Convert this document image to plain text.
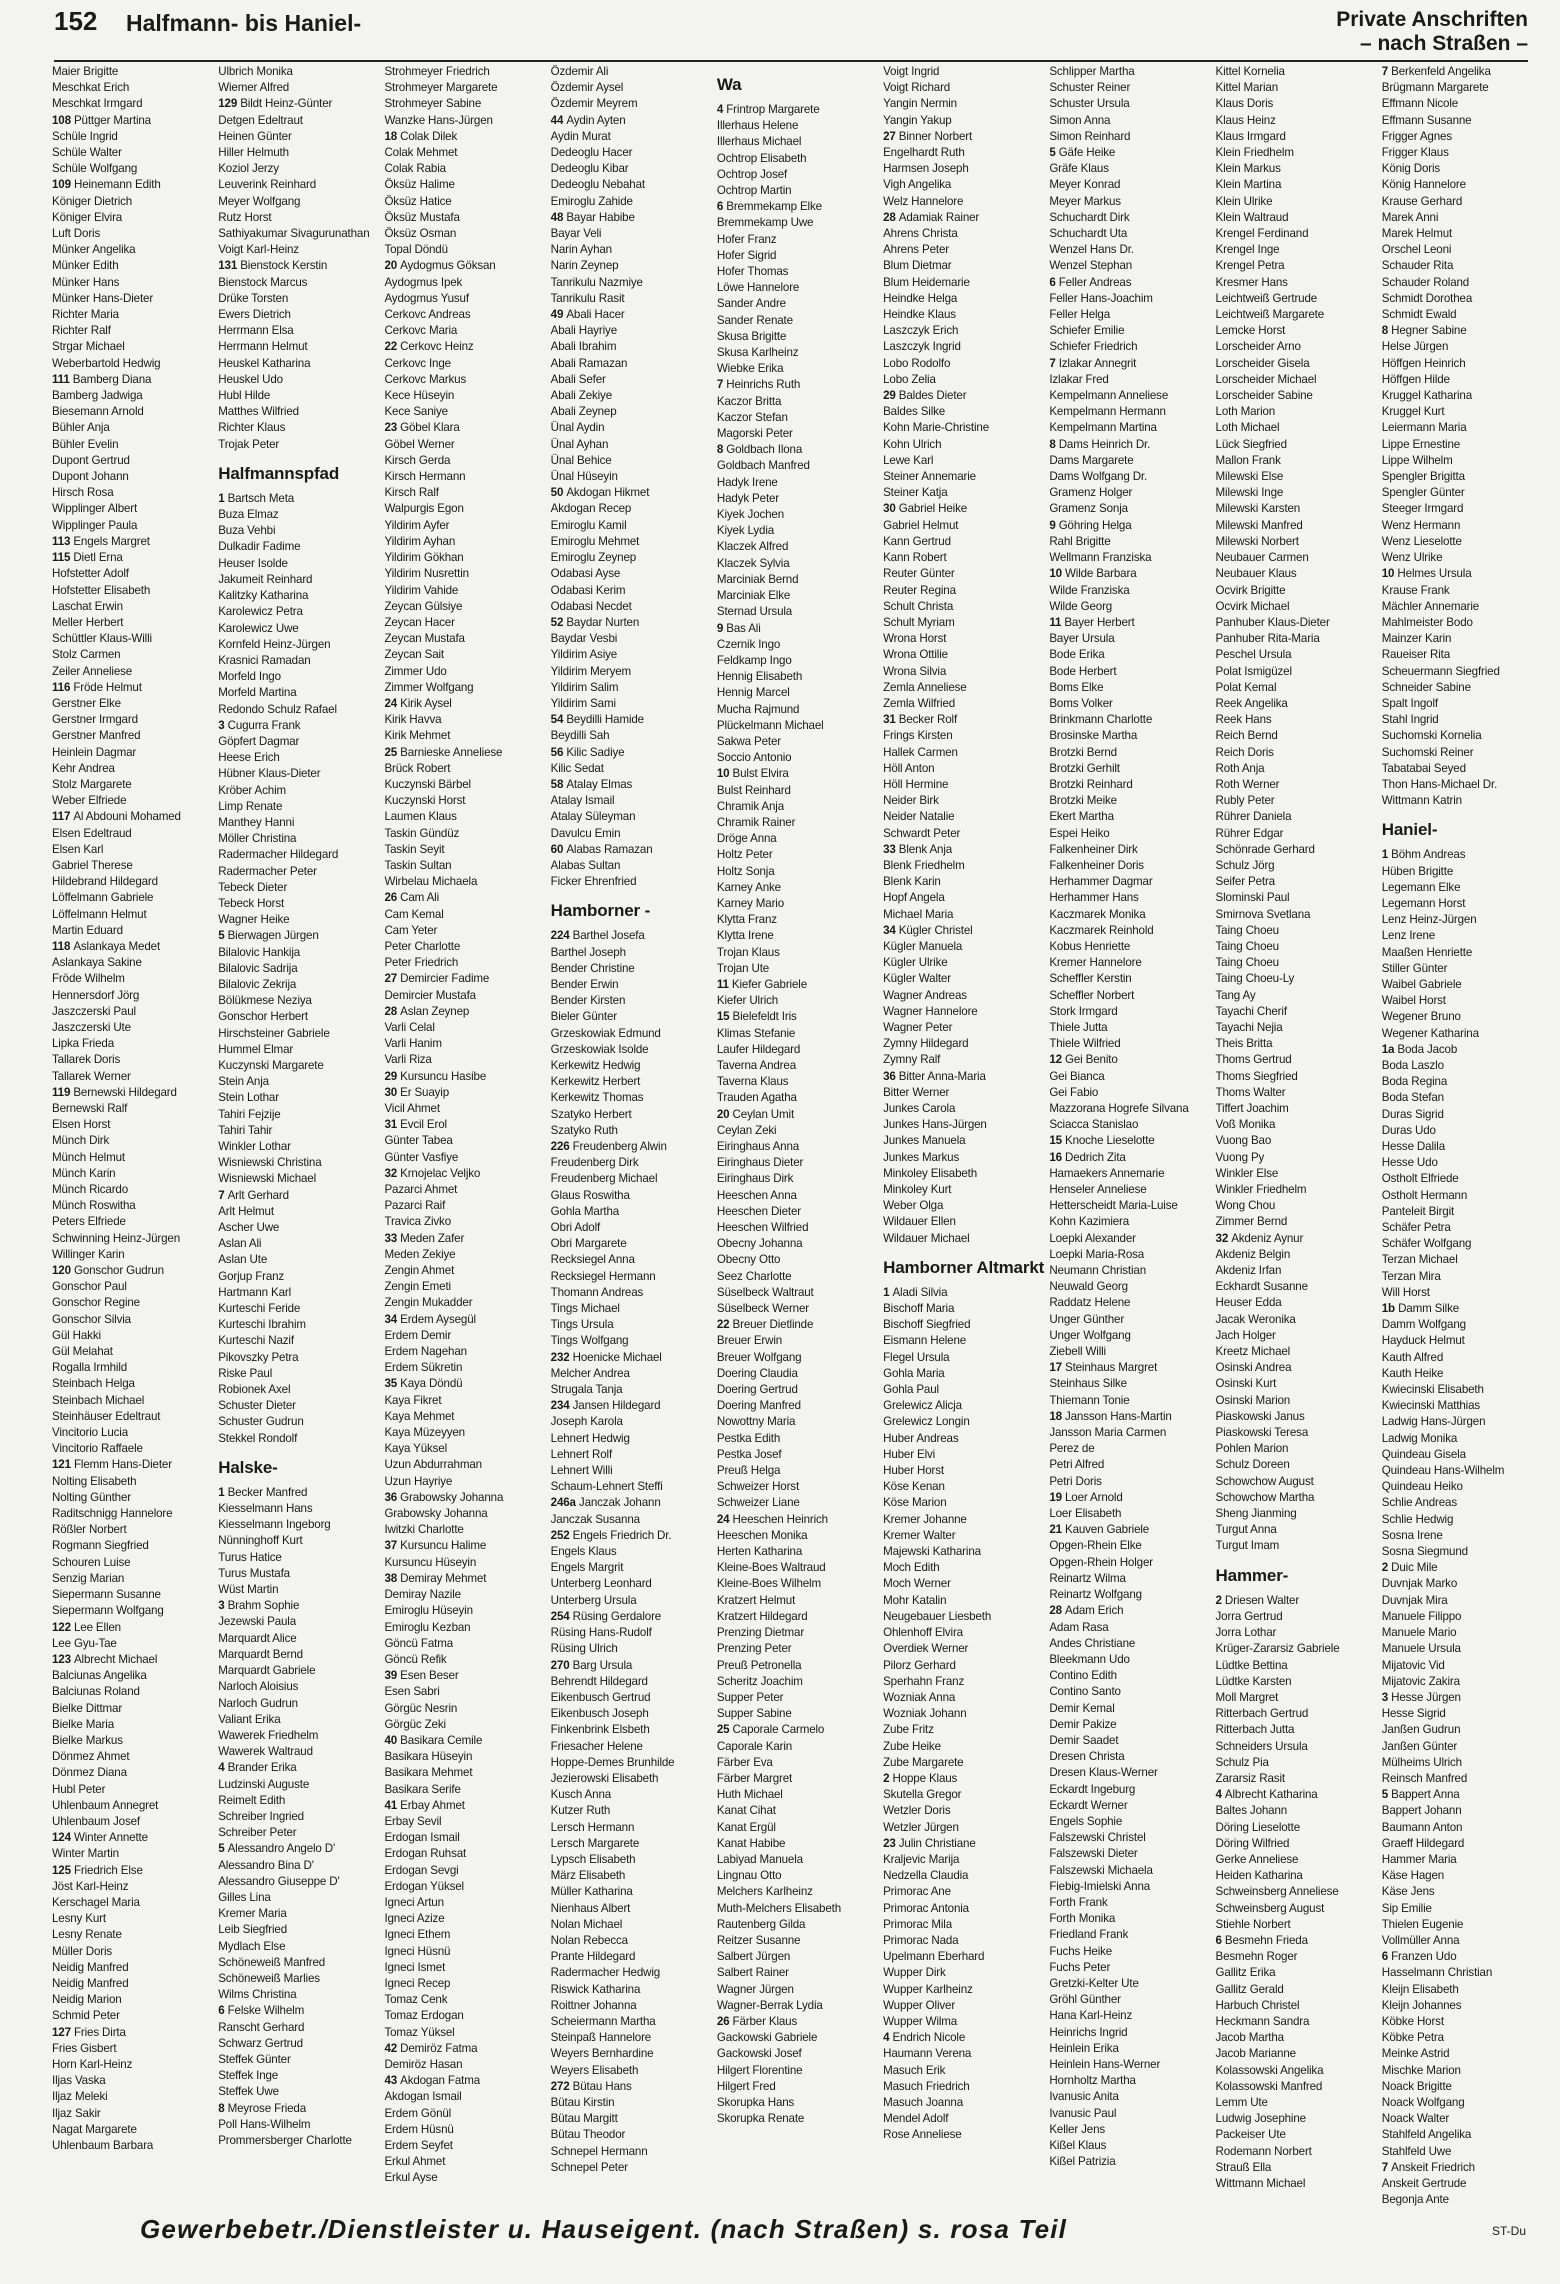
152 Halfmann- bis Haniel-	Private Anschriften
– nach Straßen –
Maier Brigitte
Meschkat Erich
Meschkat Irmgard
108 Püttger Martina
Schüle Ingrid
Schüle Walter
Schüle Wolfgang
109 Heinemann Edith
Königer Dietrich
Königer Elvira
Luft Doris
Münker Angelika
Münker Edith
Münker Hans
Münker Hans-Dieter
Richter Maria
Richter Ralf
Strgar Michael
Weberbartold Hedwig
111 Bamberg Diana
Bamberg Jadwiga
Biesemann Arnold
Bühler Anja
Bühler Evelin
Dupont Gertrud
Dupont Johann
Hirsch Rosa
Wipplinger Albert
Wipplinger Paula
113 Engels Margret
115 Dietl Erna
Hofstetter Adolf
Hofstetter Elisabeth
Laschat Erwin
Meller Herbert
Schüttler Klaus-Willi
Stolz Carmen
Zeiler Anneliese
116 Fröde Helmut
Gerstner Elke
Gerstner Irmgard
Gerstner Manfred
Heinlein Dagmar
Kehr Andrea
Stolz Margarete
Weber Elfriede
117 Al Abdouni Mohamed
Elsen Edeltraud
Elsen Karl
Gabriel Therese
Hildebrand Hildegard
Löffelmann Gabriele
Löffelmann Helmut
Martin Eduard
118 Aslankaya Medet
Aslankaya Sakine
Fröde Wilhelm
Hennersdorf Jörg
Jaszczerski Paul
Jaszczerski Ute
Lipka Frieda
Tallarek Doris
Tallarek Werner
119 Bernewski Hildegard
Bernewski Ralf
Elsen Horst
Münch Dirk
Münch Helmut
Münch Karin
Münch Ricardo
Münch Roswitha
Peters Elfriede
Schwinning Heinz-Jürgen
Willinger Karin
120 Gonschor Gudrun
Gonschor Paul
Gonschor Regine
Gonschor Silvia
Gül Hakki
Gül Melahat
Rogalla Irmhild
Steinbach Helga
Steinbach Michael
Steinhäuser Edeltraut
Vincitorio Lucia
Vincitorio Raffaele
121 Flemm Hans-Dieter
Nolting Elisabeth
Nolting Günther
Raditschnigg Hannelore
Rößler Norbert
Rogmann Siegfried
Schouren Luise
Senzig Marian
Siepermann Susanne
Siepermann Wolfgang
122 Lee Ellen
Lee Gyu-Tae
123 Albrecht Michael
Balciunas Angelika
Balciunas Roland
Bielke Dittmar
Bielke Maria
Bielke Markus
Dönmez Ahmet
Dönmez Diana
Hubl Peter
Uhlenbaum Annegret
Uhlenbaum Josef
124 Winter Annette
Winter Martin
125 Friedrich Else
Jöst Karl-Heinz
Kerschagel Maria
Lesny Kurt
Lesny Renate
Müller Doris
Neidig Manfred
Neidig Manfred
Neidig Marion
Schmid Peter
127 Fries Dirta
Fries Gisbert
Horn Karl-Heinz
Iljas Vaska
Iljaz Meleki
Iljaz Sakir
Nagat Margarete
Uhlenbaum Barbara
Ulbrich Monika
Wiemer Alfred
129 Bildt Heinz-Günter
Detgen Edeltraut
Heinen Günter
Hiller Helmuth
Koziol Jerzy
Leuverink Reinhard
Meyer Wolfgang
Rutz Horst
Sathiyakumar Sivagurunathan
Voigt Karl-Heinz
131 Bienstock Kerstin
Bienstock Marcus
Drüke Torsten
Ewers Dietrich
Herrmann Elsa
Herrmann Helmut
Heuskel Katharina
Heuskel Udo
Hubl Hilde
Matthes Wilfried
Richter Klaus
Trojak Peter
Halfmannspfad
1 Bartsch Meta
Buza Elmaz
Buza Vehbi
Dulkadir Fadime
Heuser Isolde
Jakumeit Reinhard
Kalitzky Katharina
Karolewicz Petra
Karolewicz Uwe
Kornfeld Heinz-Jürgen
Krasnici Ramadan
Morfeld Ingo
Morfeld Martina
Redondo Schulz Rafael
3 Cugurra Frank
Göpfert Dagmar
Heese Erich
Hübner Klaus-Dieter
Kröber Achim
Limp Renate
Manthey Hanni
Möller Christina
Radermacher Hildegard
Radermacher Peter
Tebeck Dieter
Tebeck Horst
Wagner Heike
5 Bierwagen Jürgen
Bilalovic Hankija
Bilalovic Sadrija
Bilalovic Zekrija
Bölükmese Neziya
Gonschor Herbert
Hirschsteiner Gabriele
Hummel Elmar
Kuczynski Margarete
Stein Anja
Stein Lothar
Tahiri Fejzije
Tahiri Tahir
Winkler Lothar
Wisniewski Christina
Wisniewski Michael
7 Arlt Gerhard
Arlt Helmut
Ascher Uwe
Aslan Ali
Aslan Ute
Gorjup Franz
Hartmann Karl
Kurteschi Feride
Kurteschi Ibrahim
Kurteschi Nazif
Pikovszky Petra
Riske Paul
Robionek Axel
Schuster Dieter
Schuster Gudrun
Stekkel Rondolf
Halske-
1 Becker Manfred
Kiesselmann Hans
Kiesselmann Ingeborg
Nünninghoff Kurt
Turus Hatice
Turus Mustafa
Wüst Martin
3 Brahm Sophie
Jezewski Paula
Marquardt Alice
Marquardt Bernd
Marquardt Gabriele
Narloch Aloisius
Narloch Gudrun
Valiant Erika
Wawerek Friedhelm
Wawerek Waltraud
4 Brander Erika
Ludzinski Auguste
Reimelt Edith
Schreiber Ingried
Schreiber Peter
5 Alessandro Angelo D'
Alessandro Bina D'
Alessandro Giuseppe D'
Gilles Lina
Kremer Maria
Leib Siegfried
Mydlach Else
Schöneweiß Manfred
Schöneweiß Marlies
Wilms Christina
6 Felske Wilhelm
Ranscht Gerhard
Schwarz Gertrud
Steffek Günter
Steffek Inge
Steffek Uwe
8 Meyrose Frieda
Poll Hans-Wilhelm
Prommersberger Charlotte
Strohmeyer Friedrich
Strohmeyer Margarete
Strohmeyer Sabine
Wanzke Hans-Jürgen
18 Colak Dilek
Colak Mehmet
Colak Rabia
Öksüz Halime
Öksüz Hatice
Öksüz Mustafa
Öksüz Osman
Topal Döndü
20 Aydogmus Göksan
Aydogmus Ipek
Aydogmus Yusuf
Cerkovc Andreas
Cerkovc Maria
22 Cerkovc Heinz
Cerkovc Inge
Cerkovc Markus
Kece Hüseyin
Kece Saniye
23 Göbel Klara
Göbel Werner
Kirsch Gerda
Kirsch Hermann
Kirsch Ralf
Walpurgis Egon
Yildirim Ayfer
Yildirim Ayhan
Yildirim Gökhan
Yildirim Nusrettin
Yildirim Vahide
Zeycan Gülsiye
Zeycan Hacer
Zeycan Mustafa
Zeycan Sait
Zimmer Udo
Zimmer Wolfgang
24 Kirik Aysel
Kirik Havva
Kirik Mehmet
25 Barnieske Anneliese
Brück Robert
Kuczynski Bärbel
Kuczynski Horst
Laumen Klaus
Taskin Gündüz
Taskin Seyit
Taskin Sultan
Wirbelau Michaela
26 Cam Ali
Cam Kemal
Cam Yeter
Peter Charlotte
Peter Friedrich
27 Demircier Fadime
Demircier Mustafa
28 Aslan Zeynep
Varli Celal
Varli Hanim
Varli Riza
29 Kursuncu Hasibe
30 Er Suayip
Vicil Ahmet
31 Evcil Erol
Günter Tabea
Günter Vasfiye
32 Krnojelac Veljko
Pazarci Ahmet
Pazarci Raif
Travica Zivko
33 Meden Zafer
Meden Zekiye
Zengin Ahmet
Zengin Emeti
Zengin Mukadder
34 Erdem Aysegül
Erdem Demir
Erdem Nagehan
Erdem Sükretin
35 Kaya Döndü
Kaya Fikret
Kaya Mehmet
Kaya Müzeyyen
Kaya Yüksel
Uzun Abdurrahman
Uzun Hayriye
36 Grabowsky Johanna
Grabowsky Johanna
Iwitzki Charlotte
37 Kursuncu Halime
Kursuncu Hüseyin
38 Demiray Mehmet
Demiray Nazile
Emiroglu Hüseyin
Emiroglu Kezban
Göncü Fatma
Göncü Refik
39 Esen Beser
Esen Sabri
Görgüc Nesrin
Görgüc Zeki
40 Basikara Cemile
Basikara Hüseyin
Basikara Mehmet
Basikara Serife
41 Erbay Ahmet
Erbay Sevil
Erdogan Ismail
Erdogan Ruhsat
Erdogan Sevgi
Erdogan Yüksel
Igneci Artun
Igneci Azize
Igneci Ethem
Igneci Hüsnü
Igneci Ismet
Igneci Recep
Tomaz Cenk
Tomaz Erdogan
Tomaz Yüksel
42 Demiröz Fatma
Demiröz Hasan
43 Akdogan Fatma
Akdogan Ismail
Erdem Gönül
Erdem Hüsnü
Erdem Seyfet
Erkul Ahmet
Erkul Ayse
Özdemir Ali
Özdemir Aysel
Özdemir Meyrem
44 Aydin Ayten
Aydin Murat
Dedeoglu Hacer
Dedeoglu Kibar
Dedeoglu Nebahat
Emiroglu Zahide
48 Bayar Habibe
Bayar Veli
Narin Ayhan
Narin Zeynep
Tanrikulu Nazmiye
Tanrikulu Rasit
49 Abali Hacer
Abali Hayriye
Abali Ibrahim
Abali Ramazan
Abali Sefer
Abali Zekiye
Abali Zeynep
Ünal Aydin
Ünal Ayhan
Ünal Behice
Ünal Hüseyin
50 Akdogan Hikmet
Akdogan Recep
Emiroglu Kamil
Emiroglu Mehmet
Emiroglu Zeynep
Odabasi Ayse
Odabasi Kerim
Odabasi Necdet
52 Baydar Nurten
Baydar Vesbi
Yildirim Asiye
Yildirim Meryem
Yildirim Salim
Yildirim Sami
54 Beydilli Hamide
Beydilli Sah
56 Kilic Sadiye
Kilic Sedat
58 Atalay Elmas
Atalay Ismail
Atalay Süleyman
Davulcu Emin
60 Alabas Ramazan
Alabas Sultan
Ficker Ehrenfried
Hamborner -
224 Barthel Josefa
Barthel Joseph
Bender Christine
Bender Erwin
Bender Kirsten
Bieler Günter
Grzeskowiak Edmund
Grzeskowiak Isolde
Kerkewitz Hedwig
Kerkewitz Herbert
Kerkewitz Thomas
Szatyko Herbert
Szatyko Ruth
226 Freudenberg Alwin
Freudenberg Dirk
Freudenberg Michael
Glaus Roswitha
Gohla Martha
Obri Adolf
Obri Margarete
Recksiegel Anna
Recksiegel Hermann
Thomann Andreas
Tings Michael
Tings Ursula
Tings Wolfgang
232 Hoenicke Michael
Melcher Andrea
Strugala Tanja
234 Jansen Hildegard
Joseph Karola
Lehnert Hedwig
Lehnert Rolf
Lehnert Willi
Schaum-Lehnert Steffi
246a Janczak Johann
Janczak Susanna
252 Engels Friedrich Dr.
Engels Klaus
Engels Margrit
Unterberg Leonhard
Unterberg Ursula
254 Rüsing Gerdalore
Rüsing Hans-Rudolf
Rüsing Ulrich
270 Barg Ursula
Behrendt Hildegard
Eikenbusch Gertrud
Eikenbusch Joseph
Finkenbrink Elsbeth
Friesacher Helene
Hoppe-Demes Brunhilde
Jezierowski Elisabeth
Kusch Anna
Kutzer Ruth
Lersch Hermann
Lersch Margarete
Lypsch Elisabeth
März Elisabeth
Müller Katharina
Nienhaus Albert
Nolan Michael
Nolan Rebecca
Prante Hildegard
Radermacher Hedwig
Riswick Katharina
Roittner Johanna
Scheiermann Martha
Steinpaß Hannelore
Weyers Bernhardine
Weyers Elisabeth
272 Bütau Hans
Bütau Kirstin
Bütau Margitt
Bütau Theodor
Schnepel Hermann
Schnepel Peter
Wa
4 Frintrop Margarete
Illerhaus Helene
Illerhaus Michael
Ochtrop Elisabeth
Ochtrop Josef
Ochtrop Martin
6 Bremmekamp Elke
Bremmekamp Uwe
Hofer Franz
Hofer Sigrid
Hofer Thomas
Löwe Hannelore
Sander Andre
Sander Renate
Skusa Brigitte
Skusa Karlheinz
Wiebke Erika
7 Heinrichs Ruth
Kaczor Britta
Kaczor Stefan
Magorski Peter
8 Goldbach Ilona
Goldbach Manfred
Hadyk Irene
Hadyk Peter
Kiyek Jochen
Kiyek Lydia
Klaczek Alfred
Klaczek Sylvia
Marciniak Bernd
Marciniak Elke
Sternad Ursula
9 Bas Ali
Czernik Ingo
Feldkamp Ingo
Hennig Elisabeth
Hennig Marcel
Mucha Rajmund
Plückelmann Michael
Sakwa Peter
Soccio Antonio
10 Bulst Elvira
Bulst Reinhard
Chramik Anja
Chramik Rainer
Dröge Anna
Holtz Peter
Holtz Sonja
Karney Anke
Karney Mario
Klytta Franz
Klytta Irene
Trojan Klaus
Trojan Ute
11 Kiefer Gabriele
Kiefer Ulrich
15 Bielefeldt Iris
Klimas Stefanie
Laufer Hildegard
Taverna Andrea
Taverna Klaus
Trauden Agatha
20 Ceylan Umit
Ceylan Zeki
Eiringhaus Anna
Eiringhaus Dieter
Eiringhaus Dirk
Heeschen Anna
Heeschen Dieter
Heeschen Wilfried
Obecny Johanna
Obecny Otto
Seez Charlotte
Süselbeck Waltraut
Süselbeck Werner
22 Breuer Dietlinde
Breuer Erwin
Breuer Wolfgang
Doering Claudia
Doering Gertrud
Doering Manfred
Nowottny Maria
Pestka Edith
Pestka Josef
Preuß Helga
Schweizer Horst
Schweizer Liane
24 Heeschen Heinrich
Heeschen Monika
Herten Katharina
Kleine-Boes Waltraud
Kleine-Boes Wilhelm
Kratzert Helmut
Kratzert Hildegard
Prenzing Dietmar
Prenzing Peter
Preuß Petronella
Scheritz Joachim
Supper Peter
Supper Sabine
25 Caporale Carmelo
Caporale Karin
Färber Eva
Färber Margret
Huth Michael
Kanat Cihat
Kanat Ergül
Kanat Habibe
Labiyad Manuela
Lingnau Otto
Melchers Karlheinz
Muth-Melchers Elisabeth
Rautenberg Gilda
Reitzer Susanne
Salbert Jürgen
Salbert Rainer
Wagner Jürgen
Wagner-Berrak Lydia
26 Färber Klaus
Gackowski Gabriele
Gackowski Josef
Hilgert Florentine
Hilgert Fred
Skorupka Hans
Skorupka Renate
Voigt Ingrid
Voigt Richard
Yangin Nermin
Yangin Yakup
27 Binner Norbert
Engelhardt Ruth
Harmsen Joseph
Vigh Angelika
Welz Hannelore
28 Adamiak Rainer
Ahrens Christa
Ahrens Peter
Blum Dietmar
Blum Heidemarie
Heindke Helga
Heindke Klaus
Laszczyk Erich
Laszczyk Ingrid
Lobo Rodolfo
Lobo Zelia
29 Baldes Dieter
Baldes Silke
Kohn Marie-Christine
Kohn Ulrich
Lewe Karl
Steiner Annemarie
Steiner Katja
30 Gabriel Heike
Gabriel Helmut
Kann Gertrud
Kann Robert
Reuter Günter
Reuter Regina
Schult Christa
Schult Myriam
Wrona Horst
Wrona Ottilie
Wrona Silvia
Zemla Anneliese
Zemla Wilfried
31 Becker Rolf
Frings Kirsten
Hallek Carmen
Höll Anton
Höll Hermine
Neider Birk
Neider Natalie
Schwardt Peter
33 Blenk Anja
Blenk Friedhelm
Blenk Karin
Hopf Angela
Michael Maria
34 Kügler Christel
Kügler Manuela
Kügler Ulrike
Kügler Walter
Wagner Andreas
Wagner Hannelore
Wagner Peter
Zymny Hildegard
Zymny Ralf
36 Bitter Anna-Maria
Bitter Werner
Junkes Carola
Junkes Hans-Jürgen
Junkes Manuela
Junkes Markus
Minkoley Elisabeth
Minkoley Kurt
Weber Olga
Wildauer Ellen
Wildauer Michael
Hamborner Altmarkt
1 Aladi Silvia
Bischoff Maria
Bischoff Siegfried
Eismann Helene
Flegel Ursula
Gohla Maria
Gohla Paul
Grelewicz Alicja
Grelewicz Longin
Huber Andreas
Huber Elvi
Huber Horst
Köse Kenan
Köse Marion
Kremer Johanne
Kremer Walter
Majewski Katharina
Moch Edith
Moch Werner
Mohr Katalin
Neugebauer Liesbeth
Ohlenhoff Elvira
Overdiek Werner
Pilorz Gerhard
Sperhahn Franz
Wozniak Anna
Wozniak Johann
Zube Fritz
Zube Heike
Zube Margarete
2 Hoppe Klaus
Skutella Gregor
Wetzler Doris
Wetzler Jürgen
23 Julin Christiane
Kraljevic Marija
Nedzella Claudia
Primorac Ane
Primorac Antonia
Primorac Mila
Primorac Nada
Upelmann Eberhard
Wupper Dirk
Wupper Karlheinz
Wupper Oliver
Wupper Wilma
4 Endrich Nicole
Haumann Verena
Masuch Erik
Masuch Friedrich
Masuch Joanna
Mendel Adolf
Rose Anneliese
Schlipper Martha
Schuster Reiner
Schuster Ursula
Simon Anna
Simon Reinhard
5 Gäfe Heike
Gräfe Klaus
Meyer Konrad
Meyer Markus
Schuchardt Dirk
Schuchardt Uta
Wenzel Hans Dr.
Wenzel Stephan
6 Feller Andreas
Feller Hans-Joachim
Feller Helga
Schiefer Emilie
Schiefer Friedrich
7 Izlakar Annegrit
Izlakar Fred
Kempelmann Anneliese
Kempelmann Hermann
Kempelmann Martina
8 Dams Heinrich Dr.
Dams Margarete
Dams Wolfgang Dr.
Gramenz Holger
Gramenz Sonja
9 Göhring Helga
Rahl Brigitte
Wellmann Franziska
10 Wilde Barbara
Wilde Franziska
Wilde Georg
11 Bayer Herbert
Bayer Ursula
Bode Erika
Bode Herbert
Boms Elke
Boms Volker
Brinkmann Charlotte
Brosinske Martha
Brotzki Bernd
Brotzki Gerhilt
Brotzki Reinhard
Brotzki Meike
Ekert Martha
Espei Heiko
Falkenheiner Dirk
Falkenheiner Doris
Herhammer Dagmar
Herhammer Hans
Kaczmarek Monika
Kaczmarek Reinhold
Kobus Henriette
Kremer Hannelore
Scheffler Kerstin
Scheffler Norbert
Stork Irmgard
Thiele Jutta
Thiele Wilfried
12 Gei Benito
Gei Bianca
Gei Fabio
Mazzorana Hogrefe Silvana
Sciacca Stanislao
15 Knoche Lieselotte
16 Dedrich Zita
Hamaekers Annemarie
Henseler Anneliese
Hetterscheidt Maria-Luise
Kohn Kazimiera
Loepki Alexander
Loepki Maria-Rosa
Neumann Christian
Neuwald Georg
Raddatz Helene
Unger Günther
Unger Wolfgang
Ziebell Willi
17 Steinhaus Margret
Steinhaus Silke
Thiemann Tonie
18 Jansson Hans-Martin
Jansson Maria Carmen
Perez de
Petri Alfred
Petri Doris
19 Loer Arnold
Loer Elisabeth
21 Kauven Gabriele
Opgen-Rhein Elke
Opgen-Rhein Holger
Reinartz Wilma
Reinartz Wolfgang
28 Adam Erich
Adam Rasa
Andes Christiane
Bleekmann Udo
Contino Edith
Contino Santo
Demir Kemal
Demir Pakize
Demir Saadet
Dresen Christa
Dresen Klaus-Werner
Eckardt Ingeburg
Eckardt Werner
Engels Sophie
Falszewski Christel
Falszewski Dieter
Falszewski Michaela
Fiebig-Imielski Anna
Forth Frank
Forth Monika
Friedland Frank
Fuchs Heike
Fuchs Peter
Gretzki-Kelter Ute
Gröhl Günther
Hana Karl-Heinz
Heinrichs Ingrid
Heinlein Erika
Heinlein Hans-Werner
Hornholtz Martha
Ivanusic Anita
Ivanusic Paul
Keller Jens
Kißel Klaus
Kißel Patrizia
Kittel Kornelia
Kittel Marian
Klaus Doris
Klaus Heinz
Klaus Irmgard
Klein Friedhelm
Klein Markus
Klein Martina
Klein Ulrike
Klein Waltraud
Krengel Ferdinand
Krengel Inge
Krengel Petra
Kresmer Hans
Leichtweiß Gertrude
Leichtweiß Margarete
Lemcke Horst
Lorscheider Arno
Lorscheider Gisela
Lorscheider Michael
Lorscheider Sabine
Loth Marion
Loth Michael
Lück Siegfried
Mallon Frank
Milewski Else
Milewski Inge
Milewski Karsten
Milewski Manfred
Milewski Norbert
Neubauer Carmen
Neubauer Klaus
Ocvirk Brigitte
Ocvirk Michael
Panhuber Klaus-Dieter
Panhuber Rita-Maria
Peschel Ursula
Polat Ismigüzel
Polat Kemal
Reek Angelika
Reek Hans
Reich Bernd
Reich Doris
Roth Anja
Roth Werner
Rubly Peter
Rührer Daniela
Rührer Edgar
Schönrade Gerhard
Schulz Jörg
Seifer Petra
Slominski Paul
Smirnova Svetlana
Taing Choeu
Taing Choeu
Taing Choeu
Taing Choeu-Ly
Tang Ay
Tayachi Cherif
Tayachi Nejia
Theis Britta
Thoms Gertrud
Thoms Siegfried
Thoms Walter
Tiffert Joachim
Voß Monika
Vuong Bao
Vuong Py
Winkler Else
Winkler Friedhelm
Wong Chou
Zimmer Bernd
32 Akdeniz Aynur
Akdeniz Belgin
Akdeniz Irfan
Eckhardt Susanne
Heuser Edda
Jacak Weronika
Jach Holger
Kreetz Michael
Osinski Andrea
Osinski Kurt
Osinski Marion
Piaskowski Janus
Piaskowski Teresa
Pohlen Marion
Schulz Doreen
Schowchow August
Schowchow Martha
Sheng Jianming
Turgut Anna
Turgut Imam
Hammer-
2 Driesen Walter
Jorra Gertrud
Jorra Lothar
Krüger-Zararsiz Gabriele
Lüdtke Bettina
Lüdtke Karsten
Moll Margret
Ritterbach Gertrud
Ritterbach Jutta
Schneiders Ursula
Schulz Pia
Zararsiz Rasit
4 Albrecht Katharina
Baltes Johann
Döring Lieselotte
Döring Wilfried
Gerke Anneliese
Heiden Katharina
Schweinsberg Anneliese
Schweinsberg August
Stiehle Norbert
6 Besmehn Frieda
Besmehn Roger
Gallitz Erika
Gallitz Gerald
Harbuch Christel
Heckmann Sandra
Jacob Martha
Jacob Marianne
Kolassowski Angelika
Kolassowski Manfred
Lemm Ute
Ludwig Josephine
Packeiser Ute
Rodemann Norbert
Strauß Ella
Wittmann Michael
7 Berkenfeld Angelika
Brügmann Margarete
Effmann Nicole
Effmann Susanne
Frigger Agnes
Frigger Klaus
König Doris
König Hannelore
Krause Gerhard
Marek Anni
Marek Helmut
Orschel Leoni
Schauder Rita
Schauder Roland
Schmidt Dorothea
Schmidt Ewald
8 Hegner Sabine
Helse Jürgen
Höffgen Heinrich
Höffgen Hilde
Kruggel Katharina
Kruggel Kurt
Leiermann Maria
Lippe Ernestine
Lippe Wilhelm
Spengler Brigitta
Spengler Günter
Steeger Irmgard
Wenz Hermann
Wenz Lieselotte
Wenz Ulrike
10 Helmes Ursula
Krause Frank
Mächler Annemarie
Mahlmeister Bodo
Mainzer Karin
Raueiser Rita
Scheuermann Siegfried
Schneider Sabine
Spalt Ingolf
Stahl Ingrid
Suchomski Kornelia
Suchomski Reiner
Tabatabai Seyed
Thon Hans-Michael Dr.
Wittmann Katrin
Haniel-
1 Böhm Andreas
Hüben Brigitte
Legemann Elke
Legemann Horst
Lenz Heinz-Jürgen
Lenz Irene
Maaßen Henriette
Stiller Günter
Waibel Gabriele
Waibel Horst
Wegener Bruno
Wegener Katharina
1a Boda Jacob
Boda Laszlo
Boda Regina
Boda Stefan
Duras Sigrid
Duras Udo
Hesse Dalila
Hesse Udo
Ostholt Elfriede
Ostholt Hermann
Panteleit Birgit
Schäfer Petra
Schäfer Wolfgang
Terzan Michael
Terzan Mira
Will Horst
1b Damm Silke
Damm Wolfgang
Hayduck Helmut
Kauth Alfred
Kauth Heike
Kwiecinski Elisabeth
Kwiecinski Matthias
Ladwig Hans-Jürgen
Ladwig Monika
Quindeau Gisela
Quindeau Hans-Wilhelm
Quindeau Heiko
Schlie Andreas
Schlie Hedwig
Sosna Irene
Sosna Siegmund
2 Duic Mile
Duvnjak Marko
Duvnjak Mira
Manuele Filippo
Manuele Mario
Manuele Ursula
Mijatovic Vid
Mijatovic Zakira
3 Hesse Jürgen
Hesse Sigrid
Janßen Gudrun
Janßen Günter
Mülheims Ulrich
Reinsch Manfred
5 Bappert Anna
Bappert Johann
Baumann Anton
Graeff Hildegard
Hammer Maria
Käse Hagen
Käse Jens
Sip Emilie
Thielen Eugenie
Vollmüller Anna
6 Franzen Udo
Hasselmann Christian
Kleijn Elisabeth
Kleijn Johannes
Köbke Horst
Köbke Petra
Meinke Astrid
Mischke Marion
Noack Brigitte
Noack Wolfgang
Noack Walter
Stahlfeld Angelika
Stahlfeld Uwe
7 Anskeit Friedrich
Anskeit Gertrude
Begonja Ante
Gewerbebetr./Dienstleister u. Hauseigent. (nach Straßen) s. rosa Teil	ST-Du
